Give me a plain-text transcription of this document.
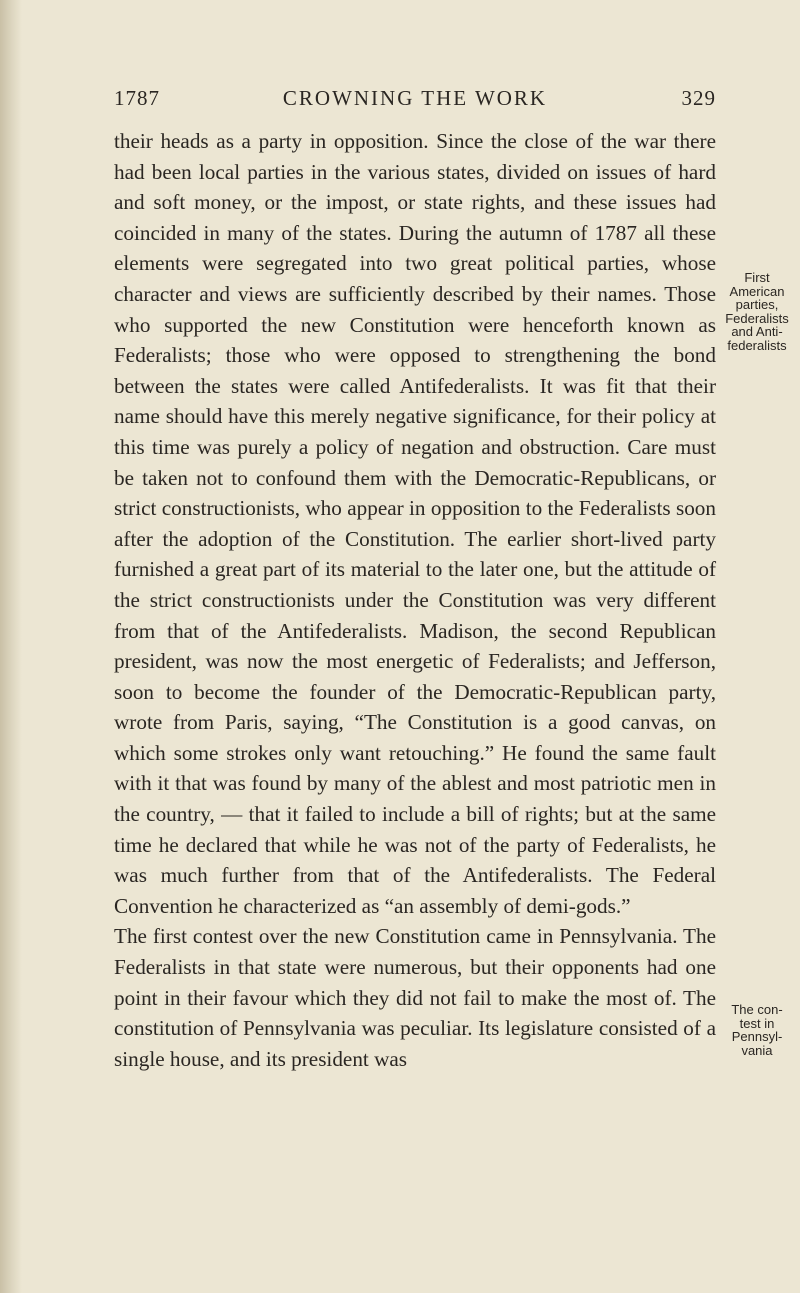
1787	CROWNING THE WORK	329

their heads as a party in opposition. Since the close of the war there had been local parties in the various states, divided on issues of hard and soft money, or the impost, or state rights, and these issues had coincided in many of the states. During the autumn of 1787 all these elements were segregated into two great political parties, whose character and views are sufficiently described by their names. Those who supported the new Constitution were henceforth known as Federalists; those who were opposed to strengthening the bond between the states were called Antifederalists. It was fit that their name should have this merely negative significance, for their policy at this time was purely a policy of negation and obstruction. Care must be taken not to confound them with the Democratic-Republicans, or strict constructionists, who appear in opposition to the Federalists soon after the adoption of the Constitution. The earlier short-lived party furnished a great part of its material to the later one, but the attitude of the strict constructionists under the Constitution was very different from that of the Antifederalists. Madison, the second Republican president, was now the most energetic of Federalists; and Jefferson, soon to become the founder of the Democratic-Republican party, wrote from Paris, saying, “The Constitution is a good canvas, on which some strokes only want retouching.” He found the same fault with it that was found by many of the ablest and most patriotic men in the country, — that it failed to include a bill of rights; but at the same time he declared that while he was not of the party of Federalists, he was much further from that of the Antifederalists. The Federal Convention he characterized as “an assembly of demi-gods.”

The first contest over the new Constitution came in Pennsylvania. The Federalists in that state were numerous, but their opponents had one point in their favour which they did not fail to make the most of. The constitution of Pennsylvania was peculiar. Its legislature consisted of a single house, and its president was

First
American
parties,
Federalists
and Anti-
federalists
The con-
test in
Pennsyl-
vania
